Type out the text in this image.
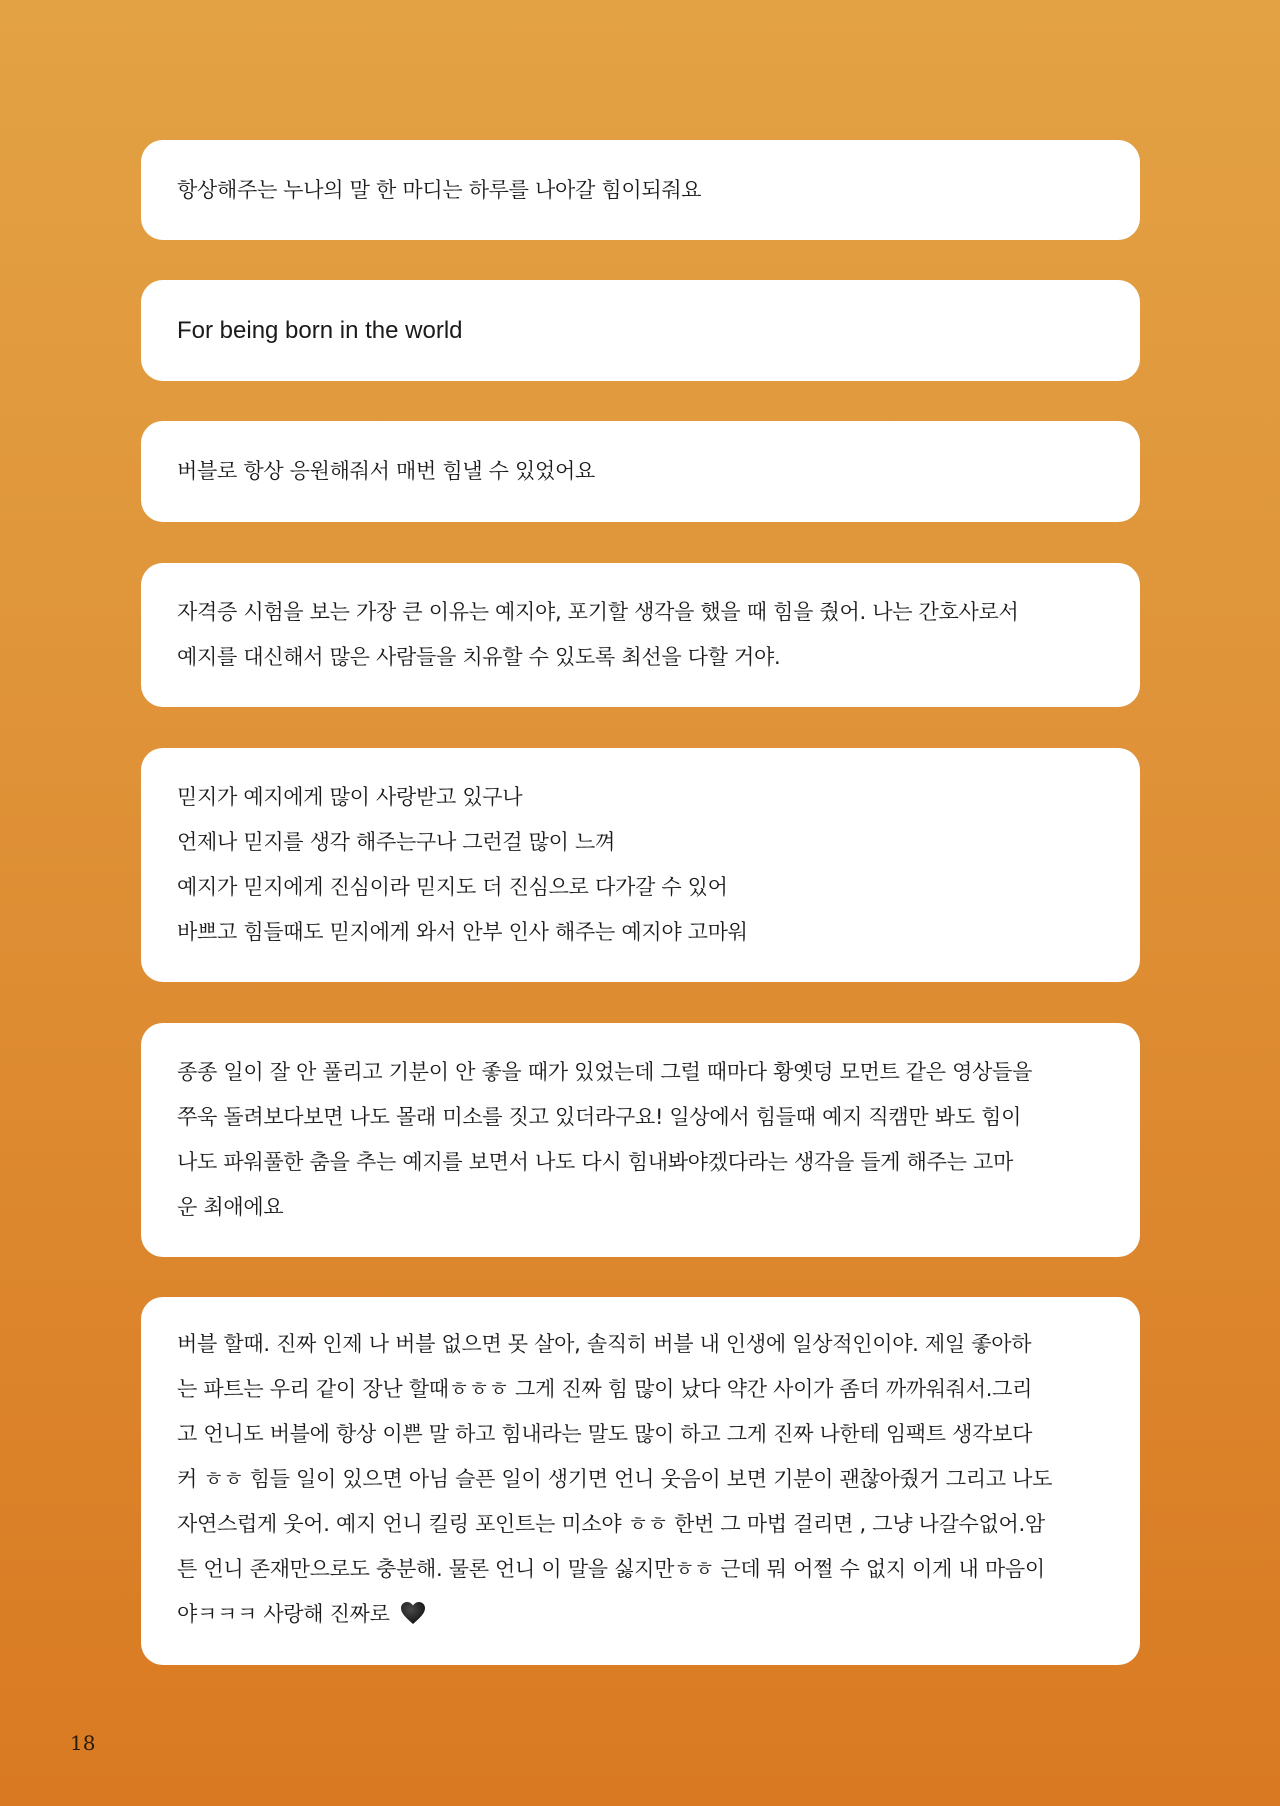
항상해주는 누나의 말 한 마디는 하루를 나아갈 힘이되줘요
For being born in the world
버블로 항상 응원해줘서 매번 힘낼 수 있었어요
자격증 시험을 보는 가장 큰 이유는 예지야, 포기할 생각을 했을 때 힘을 줬어. 나는 간호사로서
예지를 대신해서 많은 사람들을 치유할 수 있도록 최선을 다할 거야.
믿지가 예지에게 많이 사랑받고 있구나
언제나 믿지를 생각 해주는구나 그런걸 많이 느껴
예지가 믿지에게 진심이라 믿지도 더 진심으로 다가갈 수 있어
바쁘고 힘들때도 믿지에게 와서 안부 인사 해주는 예지야 고마워
종종 일이 잘 안 풀리고 기분이 안 좋을 때가 있었는데 그럴 때마다 황옛덩 모먼트 같은 영상들을
쭈욱 돌려보다보면 나도 몰래 미소를 짓고 있더라구요! 일상에서 힘들때 예지 직캠만 봐도 힘이
나도 파워풀한 춤을 추는 예지를 보면서 나도 다시 힘내봐야겠다라는 생각을 들게 해주는 고마
운 최애에요
버블 할때. 진짜 인제 나 버블 없으면 못 살아, 솔직히 버블 내 인생에 일상적인이야. 제일 좋아하
는 파트는 우리 같이 장난 할때ㅎㅎㅎ 그게 진짜 힘 많이 났다 약간 사이가 좀더 까까워줘서.그리
고 언니도 버블에 항상 이쁜 말 하고 힘내라는 말도 많이 하고 그게 진짜 나한테 임팩트 생각보다
커 ㅎㅎ 힘들 일이 있으면 아님 슬픈 일이 생기면 언니 웃음이 보면 기분이 괜찮아줬거 그리고 나도
자연스럽게 웃어. 예지 언니 킬링 포인트는 미소야 ㅎㅎ 한번 그 마법 걸리면 , 그냥 나갈수없어.암
튼 언니 존재만으로도 충분해. 물론 언니 이 말을 싫지만ㅎㅎ 근데 뭐 어쩔 수 없지 이게 내 마음이
야ㅋㅋㅋ 사랑해 진짜로
18
